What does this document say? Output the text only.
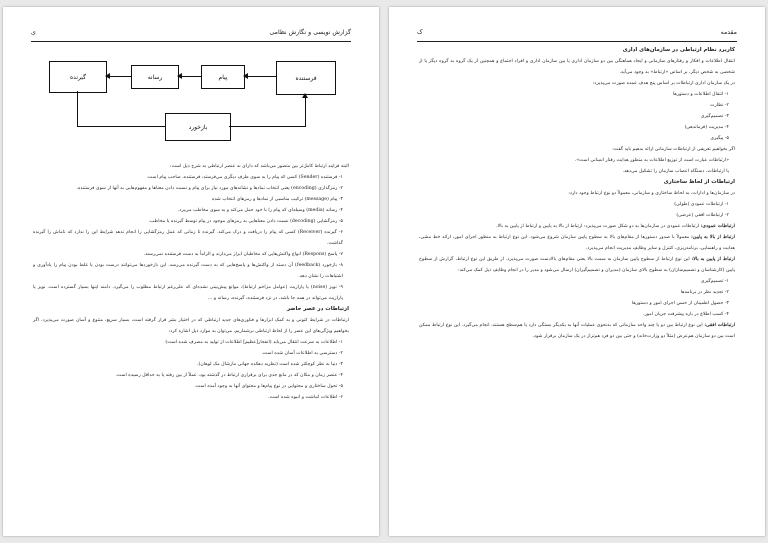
گزارش نویسی و نگارش نظامی
ی
فرستنده
پیام
رسانه
گیرنده
بازخورد

البته فرایند ارتباط کامل‌تر بین متصور می‌باشد که دارای نه عنصر ارتباطی به شرح ذیل است:

۱- فرستنده (Sender) کسی که پیام را به سوی طرف دیگری می‌فرستد، فرستنده، صاحب پیام است.

۲- رمزگذاری (encoding) یعنی انتخاب نمادها و نشانه‌های مورد نیاز برای پیام و نسبت دادن معناها و مفهوم‌هایی به آنها از سوی فرستنده.

۳- پیام (message) ترکیب مناسبی از نمادها و رمزهای انتخاب شده

۴- رسانه (media) وسیله‌ای که پیام را با خود حمل می‌کند و به سوی مخاطب می‌برد.

۵- رمزگشایی (decoding) نسبت دادن معناهایی به رمزهای موجود در پیام توسط گیرنده یا مخاطب.

۶- گیرنده (Receiver) کسی که پیام را دریافت و درک می‌کند. گیرنده تا زمانی که عمل رمزگشایی را انجام ندهد شرایط این را ندارد که ناماش را گیرنده گذاشت.

۷- پاسخ (Respons) انواع واکنش‌هایی که مخاطبان ابراز می‌دارند و الزاماً به دست فرستنده نمی‌رسند.

۸- بازخورد (feedback) آن دسته از واکنش‌ها و پاسخ‌هایی که به دست گیرنده می‌رسد. این بازخوردها می‌توانند درست بودن یا غلط بودن پیام را یادآوری و اشتباهات را نشان دهد.

۹- نویز (noise) یا پارازیت (عوامل مزاحم ارتباط)، موانع پیش‌بینی نشده‌ای که علی‌رغم ارتباط مطلوب را می‌گیرد. دامنه اینها بسیار گسترده است. نویز یا پارازیت می‌تواند در همه جا باشد، در نزد فرستنده، گیرنده، رسانه و …

ارتباطات در عصر حاضر

ارتباطات در شرایط کنونی و به کمک ابزارها و فناوری‌های جدید ارتباطی که در اختیار بشر قرار گرفته است، بسیار سریع، متنوع و آسان صورت می‌پذیرد. اگر بخواهیم ویژگی‌های این عصر را از لحاظ ارتباطی برشماریم، می‌توان به موارد ذیل اشاره کرد:

۱- اطلاعات به سرعت انتقال می‌یابد (انفجار[عظیم] اطلاعات از تولید به مصرف شده است)

۲- دسترسی به اطلاعات آسان شده است.

۳- دنیا به نظر کوچکتر شده است (نظریه دهکده جهانی مارشال مک لوهان).

۴- عنصر زمان و مکان که در مانع جدی برای برقراری ارتباط در گذشته بود، عملاً از بین رفته یا به حداقل رسیده است.

۵- تحول ساختاری و محتوایی در نوع پیام‌ها و محتوای آنها به وجود آمده است.

۶- اطلاعات انباشت و انبوه شده است.

مقدمه
ک

کاربرد نظام ارتباطی در سازمان‌های اداری

انتقال اطلاعات و افکار و رفتارهای سازمانی و ایجاد هماهنگی بین دو سازمان اداری یا بین سازمان اداری و افراد اجتماع و همچنین از یک گروه به گروه دیگر یا از شخصی به شخص دیگر، بر اساس «ارتباط» به وجود می‌آید.

در یک سازمان اداری ارتباطات بر اساس پنج هدف عمده صورت می‌پذیرد:

۱- انتقال اطلاعات و دستورها

۲- نظارت

۳- تصمیم‌گیری

۴- مدیریت (فرماندهی)

۵- پیگیری

اگر بخواهیم تعریفی از ارتباطات سازمانی ارائه بدهیم باید گفت:

«ارتباطات عبارت است از توزیع اطلاعات به منظور هدایت رفتار انسانی است».

یا ارتباطات، دستگاه اعصاب سازمان را تشکیل می‌دهد.

ارتباطات از لحاظ ساختاری

در سازمان‌ها و ادارات، به لحاظ ساختاری و سازمانی، معمولاً دو نوع ارتباط وجود دارد:

۱- ارتباطات عمودی (طولی)

۲- ارتباطات افقی (عرضی)

ارتباطات عمودی: ارتباطات عمودی در سازمان‌ها به دو شکل صورت می‌پذیرد: ارتباط از بالا به پایین و ارتباط از پایین به بالا.

ارتباط از بالا به پایین: معمولاً با صدور دستورها از مقام‌های بالا به سطوح پایین سازمان شروع می‌شود. این نوع ارتباط به منظور اجرای امور، ارائه خط مشی، هدایت و راهنمایی، برنامه‌ریزی، کنترل و سایر وظایف مدیریت انجام می‌پذیرد.

ارتباط از پایین به بالا: این نوع ارتباط از سطوح پایین سازمان به سمت بالا یعنی مقام‌های بالادست صورت می‌پذیرد. از طریق این نوع ارتباط، گزارش از سطوح پایین (کارشناسان و تصمیم‌سازان) به سطوح بالای سازمان (مدیران و تصمیم‌گیران) ارسال می‌شود و مدیر را در انجام وظایف ذیل کمک می‌کند:

۱- تصمیم‌گیری

۲- تجدید نظر در برنامه‌ها

۳- حصول اطمینان از حسن اجرای امور و دستورها

۴- کسب اطلاع در باره پیشرفت جریان امور.

ارتباطات افقی: این نوع ارتباط بین دو یا چند واحد سازمانی که به‌نحوی عملیات آنها به یکدیگر بستگی دارد یا هم‌سطح هستند، انجام می‌گیرد. این نوع ارتباط ممکن است بین دو سازمان هم‌عرض (مثلاً دو وزارت‌خانه) و حتی بین دو فرد هم‌تراز در یک سازمان برقرار شود.
